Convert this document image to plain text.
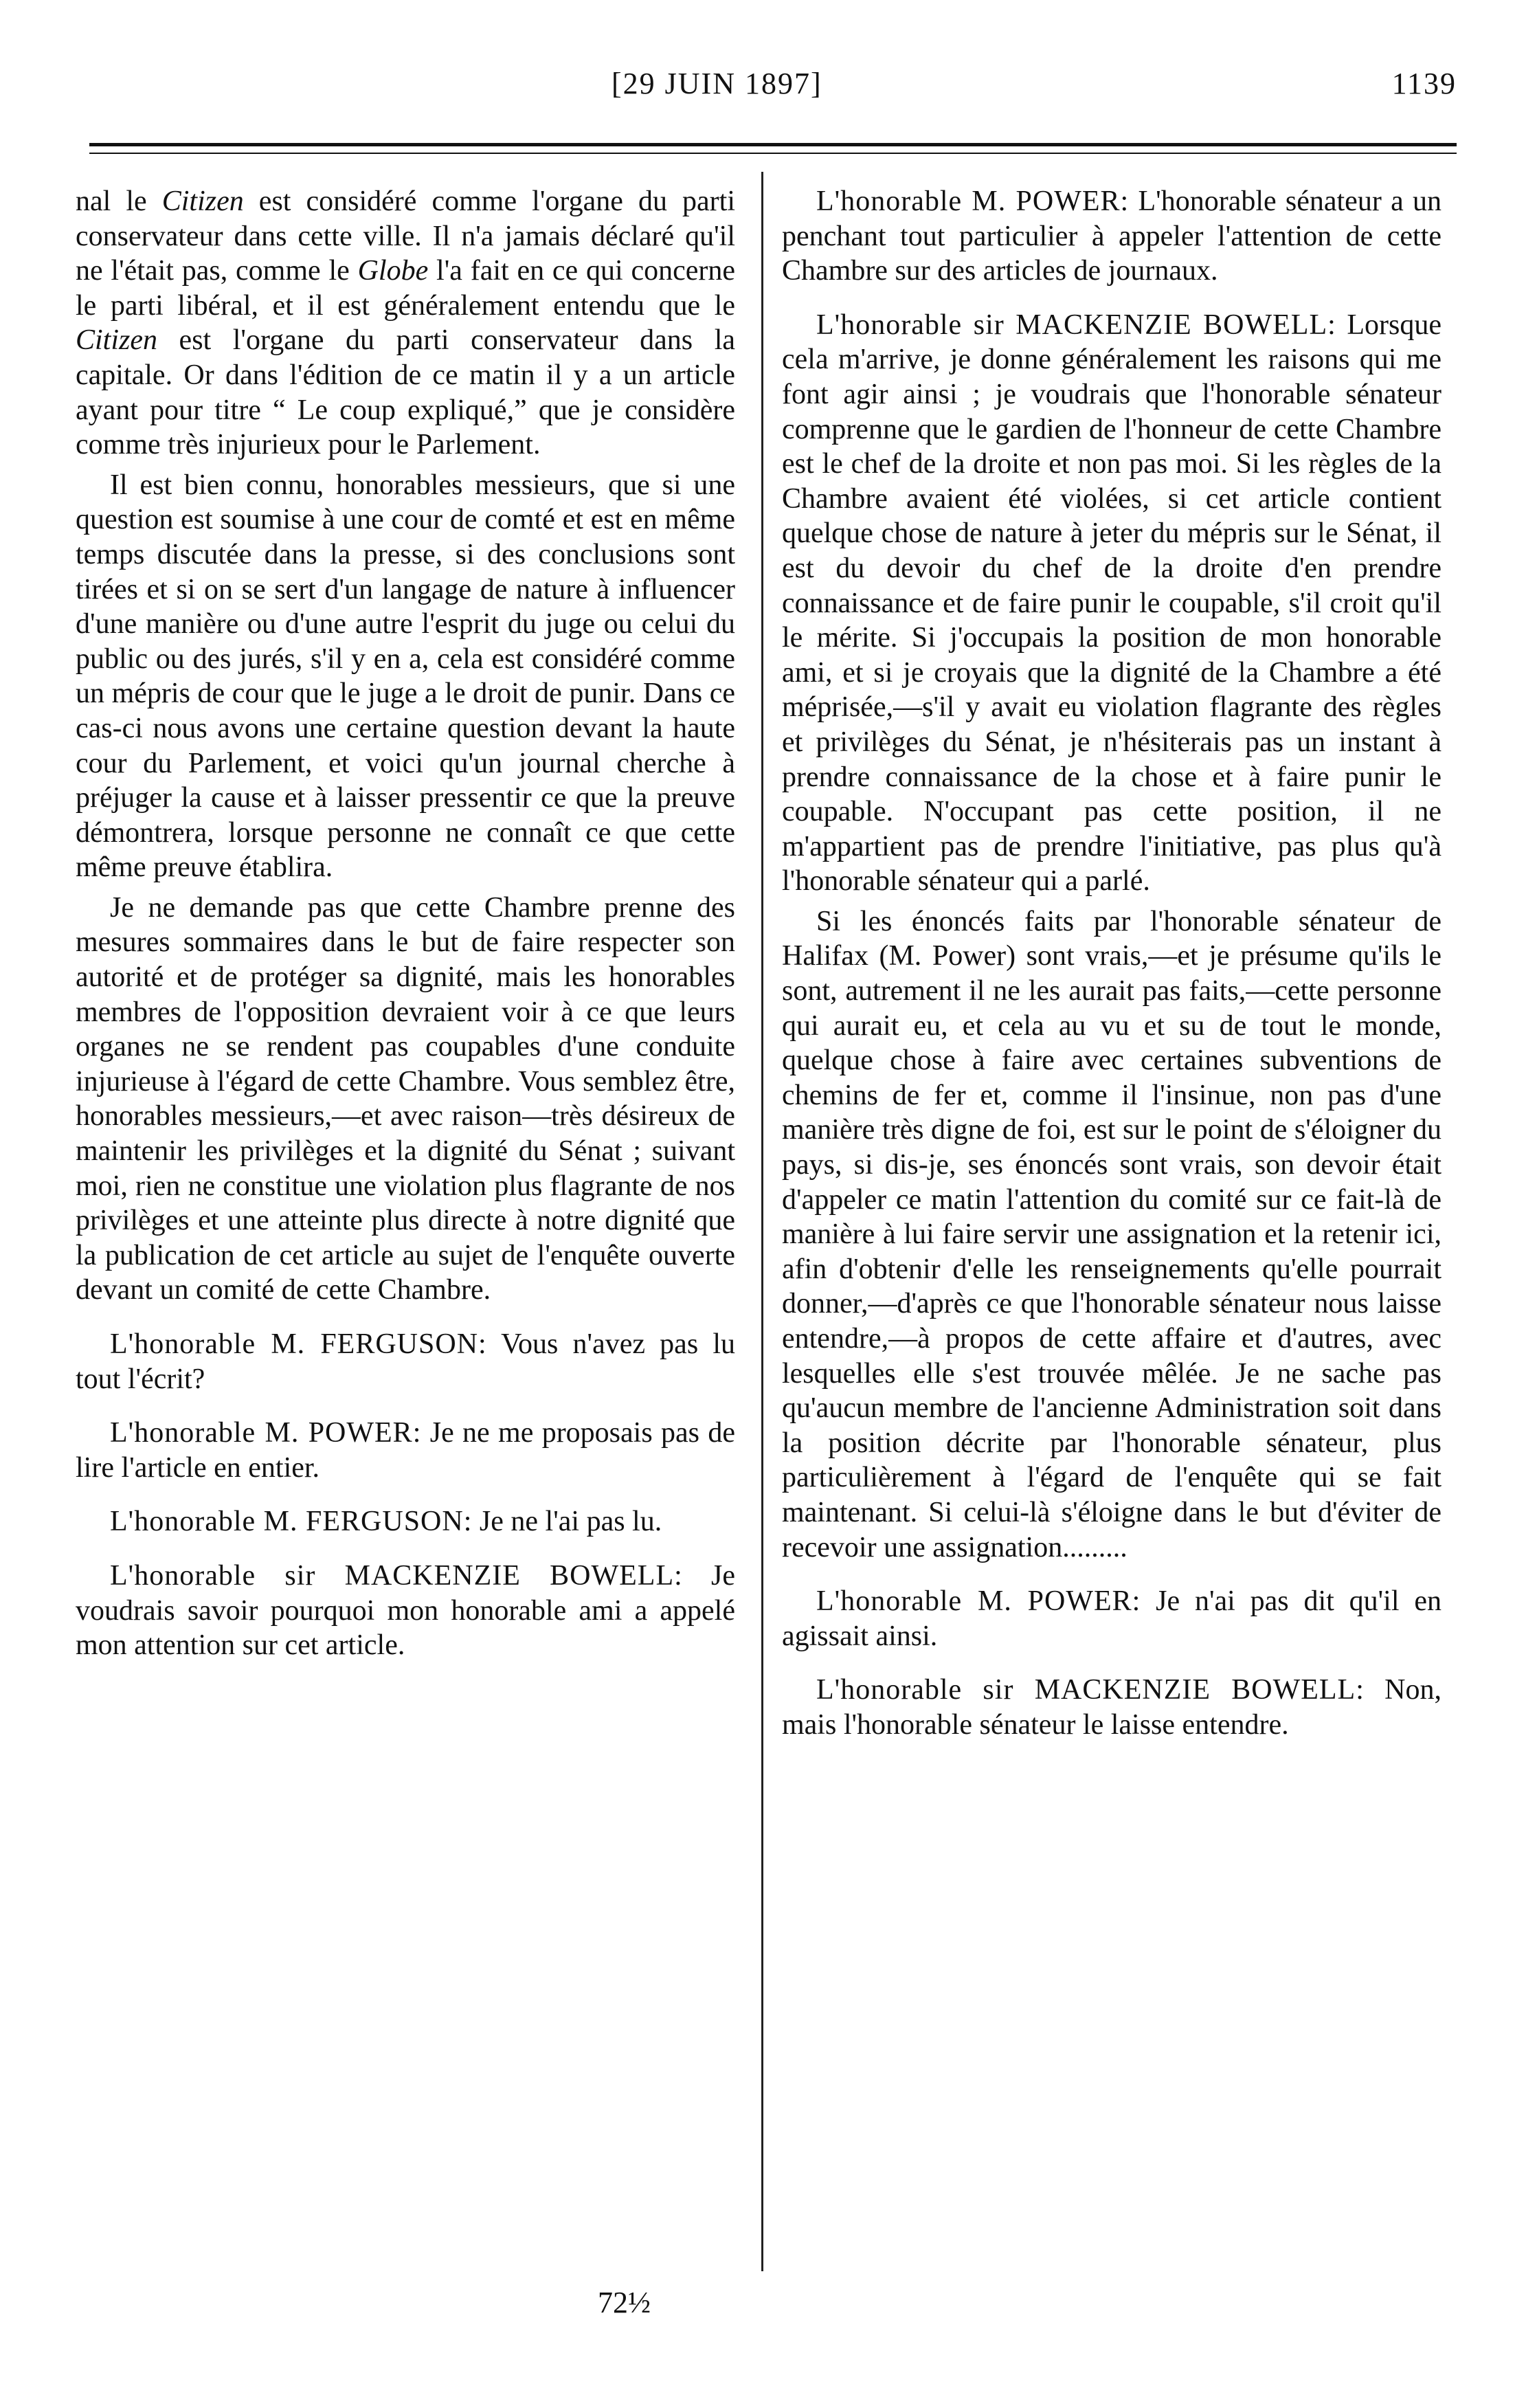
[29 JUIN 1897]	1139

nal le Citizen est considéré comme l'organe du parti conservateur dans cette ville. Il n'a jamais déclaré qu'il ne l'était pas, comme le Globe l'a fait en ce qui concerne le parti libéral, et il est généralement entendu que le Citizen est l'organe du parti conservateur dans la capitale. Or dans l'édition de ce matin il y a un article ayant pour titre “ Le coup expliqué,” que je considère comme très injurieux pour le Parlement.

Il est bien connu, honorables messieurs, que si une question est soumise à une cour de comté et est en même temps discutée dans la presse, si des conclusions sont tirées et si on se sert d'un langage de nature à influencer d'une manière ou d'une autre l'esprit du juge ou celui du public ou des jurés, s'il y en a, cela est considéré comme un mépris de cour que le juge a le droit de punir. Dans ce cas-ci nous avons une certaine question devant la haute cour du Parlement, et voici qu'un journal cherche à préjuger la cause et à laisser pressentir ce que la preuve démontrera, lorsque personne ne connaît ce que cette même preuve établira.

Je ne demande pas que cette Chambre prenne des mesures sommaires dans le but de faire respecter son autorité et de protéger sa dignité, mais les honorables membres de l'opposition devraient voir à ce que leurs organes ne se rendent pas coupables d'une conduite injurieuse à l'égard de cette Chambre. Vous semblez être, honorables messieurs,—et avec raison—très désireux de maintenir les privilèges et la dignité du Sénat ; suivant moi, rien ne constitue une violation plus flagrante de nos privilèges et une atteinte plus directe à notre dignité que la publication de cet article au sujet de l'enquête ouverte devant un comité de cette Chambre.

L'honorable M. FERGUSON: Vous n'avez pas lu tout l'écrit?

L'honorable M. POWER: Je ne me proposais pas de lire l'article en entier.

L'honorable M. FERGUSON: Je ne l'ai pas lu.

L'honorable sir MACKENZIE BOWELL: Je voudrais savoir pourquoi mon honorable ami a appelé mon attention sur cet article.

L'honorable M. POWER: L'honorable sénateur a un penchant tout particulier à appeler l'attention de cette Chambre sur des articles de journaux.

L'honorable sir MACKENZIE BOWELL: Lorsque cela m'arrive, je donne généralement les raisons qui me font agir ainsi ; je voudrais que l'honorable sénateur comprenne que le gardien de l'honneur de cette Chambre est le chef de la droite et non pas moi. Si les règles de la Chambre avaient été violées, si cet article contient quelque chose de nature à jeter du mépris sur le Sénat, il est du devoir du chef de la droite d'en prendre connaissance et de faire punir le coupable, s'il croit qu'il le mérite. Si j'occupais la position de mon honorable ami, et si je croyais que la dignité de la Chambre a été méprisée,—s'il y avait eu violation flagrante des règles et privilèges du Sénat, je n'hésiterais pas un instant à prendre connaissance de la chose et à faire punir le coupable. N'occupant pas cette position, il ne m'appartient pas de prendre l'initiative, pas plus qu'à l'honorable sénateur qui a parlé.

Si les énoncés faits par l'honorable sénateur de Halifax (M. Power) sont vrais,—et je présume qu'ils le sont, autrement il ne les aurait pas faits,—cette personne qui aurait eu, et cela au vu et su de tout le monde, quelque chose à faire avec certaines subventions de chemins de fer et, comme il l'insinue, non pas d'une manière très digne de foi, est sur le point de s'éloigner du pays, si dis-je, ses énoncés sont vrais, son devoir était d'appeler ce matin l'attention du comité sur ce fait-là de manière à lui faire servir une assignation et la retenir ici, afin d'obtenir d'elle les renseignements qu'elle pourrait donner,—d'après ce que l'honorable sénateur nous laisse entendre,—à propos de cette affaire et d'autres, avec lesquelles elle s'est trouvée mêlée. Je ne sache pas qu'aucun membre de l'ancienne Administration soit dans la position décrite par l'honorable sénateur, plus particulièrement à l'égard de l'enquête qui se fait maintenant. Si celui-là s'éloigne dans le but d'éviter de recevoir une assignation.........

L'honorable M. POWER: Je n'ai pas dit qu'il en agissait ainsi.

L'honorable sir MACKENZIE BOWELL: Non, mais l'honorable sénateur le laisse entendre.

72½
